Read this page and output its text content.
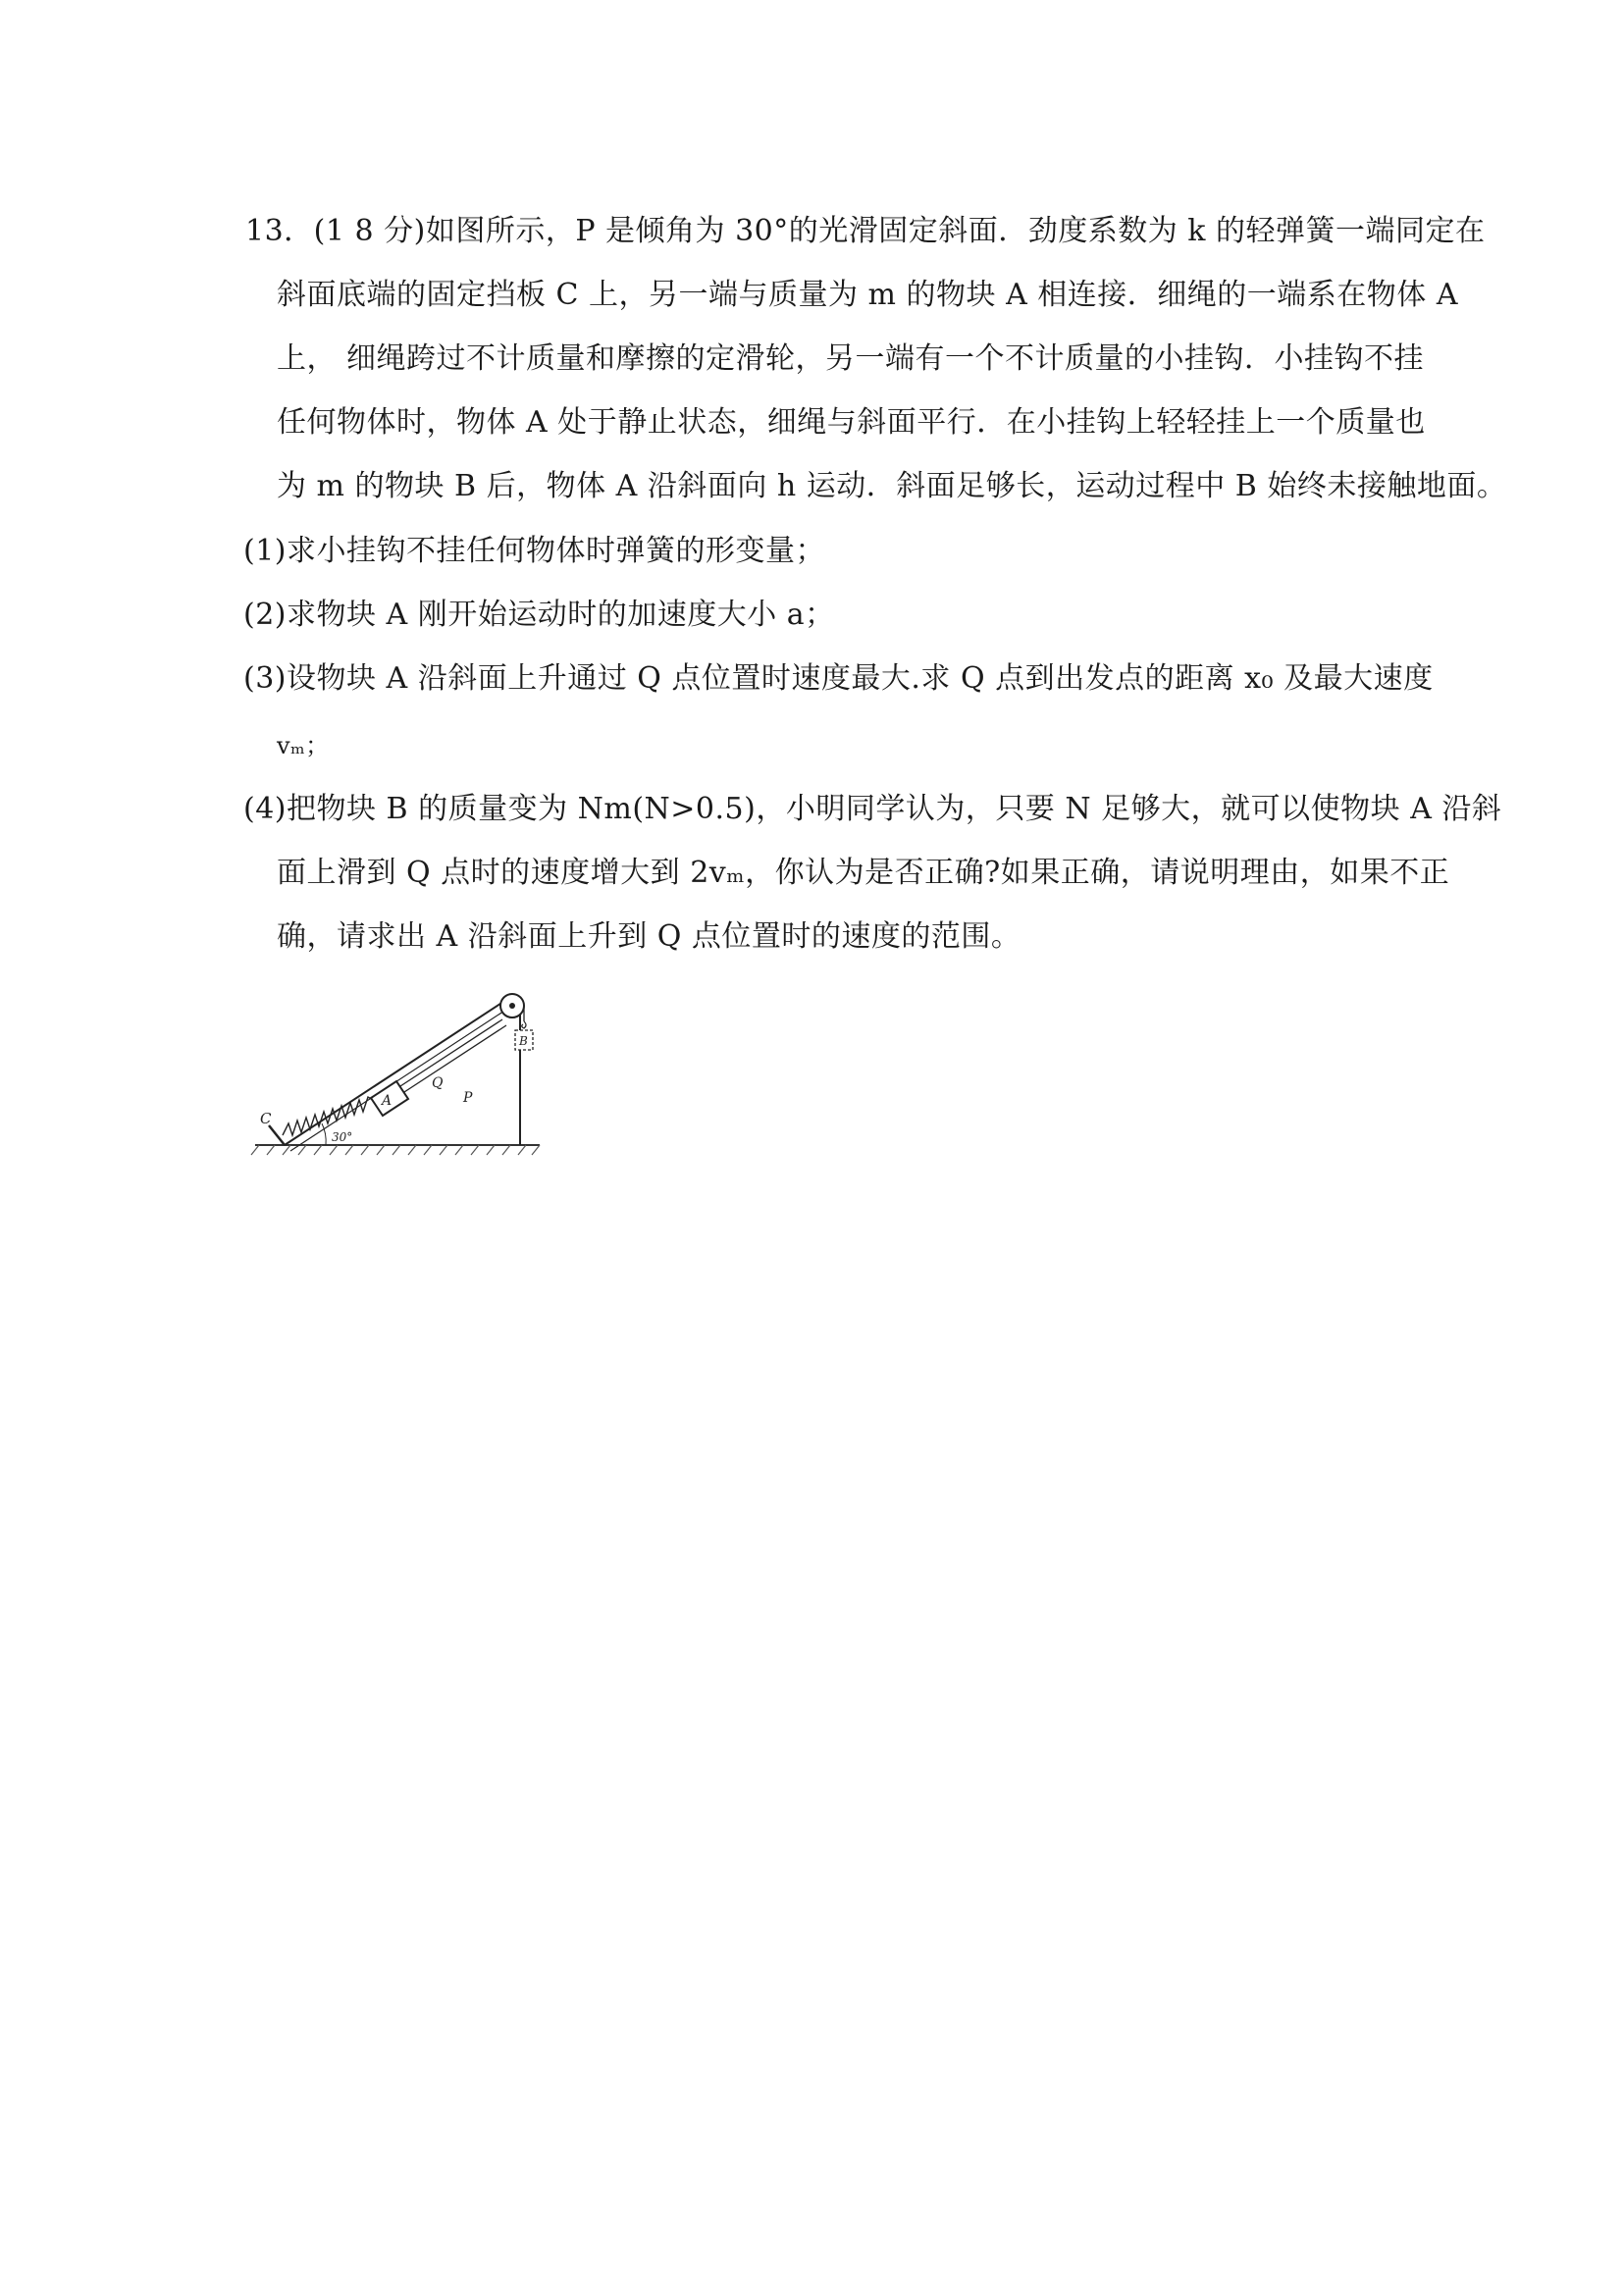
13．(1 8 分)如图所示，P 是倾角为 30°的光滑固定斜面．劲度系数为 k 的轻弹簧一端同定在
斜面底端的固定挡板 C 上，另一端与质量为 m 的物块 A 相连接．细绳的一端系在物体 A
上， 细绳跨过不计质量和摩擦的定滑轮，另一端有一个不计质量的小挂钩．小挂钩不挂
任何物体时，物体 A 处于静止状态，细绳与斜面平行．在小挂钩上轻轻挂上一个质量也
为 m 的物块 B 后，物体 A 沿斜面向 h 运动．斜面足够长，运动过程中 B 始终未接触地面。
(1)求小挂钩不挂任何物体时弹簧的形变量；
(2)求物块 A 刚开始运动时的加速度大小 a；
(3)设物块 A 沿斜面上升通过 Q 点位置时速度最大.求 Q 点到出发点的距离 x₀ 及最大速度
vₘ；
(4)把物块 B 的质量变为 Nm(N>0.5)，小明同学认为，只要 N 足够大，就可以使物块 A 沿斜
面上滑到 Q 点时的速度增大到 2vₘ，你认为是否正确?如果正确，请说明理由，如果不正
确，请求出 A 沿斜面上升到 Q 点位置时的速度的范围。
C
A
Q
P
B
30°
